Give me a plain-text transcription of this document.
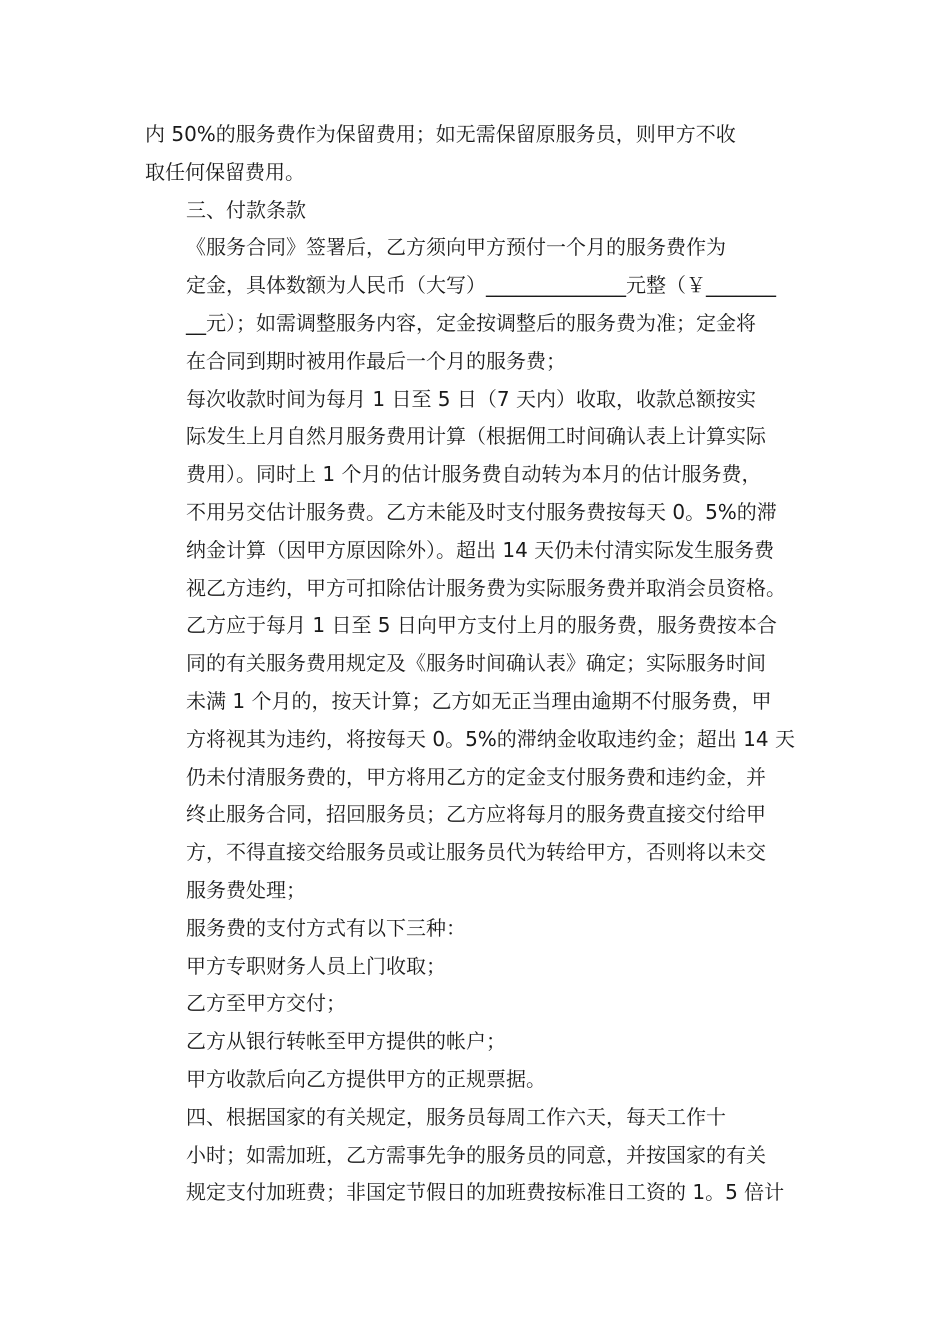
内 50%的服务费作为保留费用；如无需保留原服务员，则甲方不收
取任何保留费用。

三、付款条款

《服务合同》签署后，乙方须向甲方预付一个月的服务费作为
定金，具体数额为人民币（大写）______________元整（￥_______
__元）；如需调整服务内容，定金按调整后的服务费为准；定金将
在合同到期时被用作最后一个月的服务费；

每次收款时间为每月 1 日至 5 日（7 天内）收取，收款总额按实
际发生上月自然月服务费用计算（根据佣工时间确认表上计算实际
费用）。同时上 1 个月的估计服务费自动转为本月的估计服务费，
不用另交估计服务费。乙方未能及时支付服务费按每天 0。5%的滞
纳金计算（因甲方原因除外）。超出 14 天仍未付清实际发生服务费
视乙方违约，甲方可扣除估计服务费为实际服务费并取消会员资格。
乙方应于每月 1 日至 5 日向甲方支付上月的服务费，服务费按本合
同的有关服务费用规定及《服务时间确认表》确定；实际服务时间
未满 1 个月的，按天计算；乙方如无正当理由逾期不付服务费，甲
方将视其为违约，将按每天 0。5%的滞纳金收取违约金；超出 14 天
仍未付清服务费的，甲方将用乙方的定金支付服务费和违约金，并
终止服务合同，招回服务员；乙方应将每月的服务费直接交付给甲
方，不得直接交给服务员或让服务员代为转给甲方，否则将以未交
服务费处理；

服务费的支付方式有以下三种：

甲方专职财务人员上门收取；

乙方至甲方交付；

乙方从银行转帐至甲方提供的帐户；

甲方收款后向乙方提供甲方的正规票据。

四、根据国家的有关规定，服务员每周工作六天，每天工作十
小时；如需加班，乙方需事先争的服务员的同意，并按国家的有关
规定支付加班费；非国定节假日的加班费按标准日工资的 1。5 倍计
